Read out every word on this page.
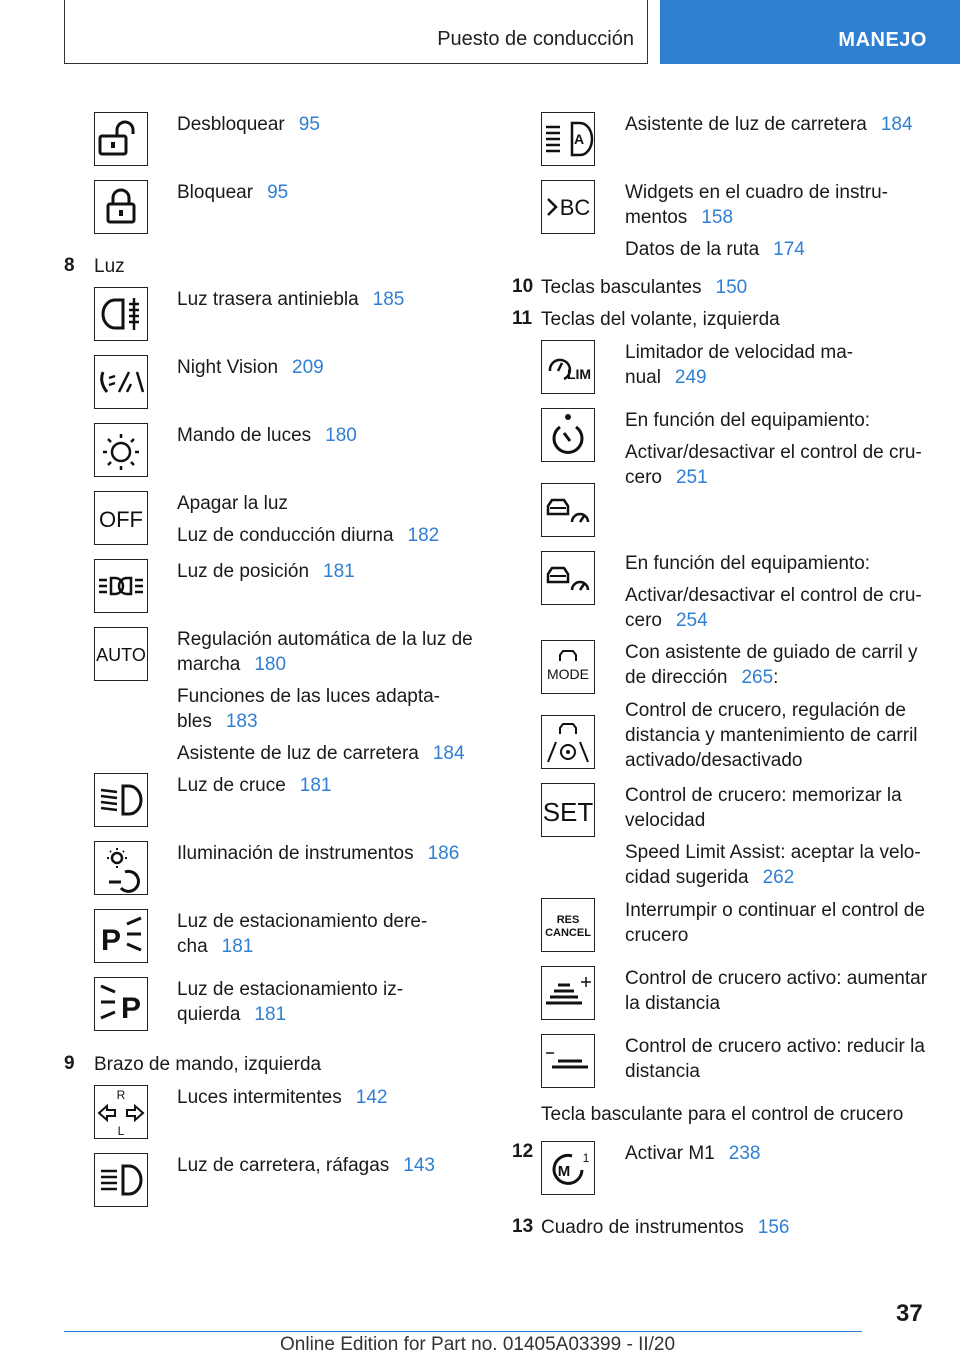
Puesto de conducción	MANEJO
Desbloquear 95
Bloquear 95
8 Luz
Luz trasera antiniebla 185
Night Vision 209
Mando de luces 180
OFF
Apagar la luz
Luz de conducción diurna 182
Luz de posición 181
AUTO
Regulación automática de la luz de
marcha 180
Funciones de las luces adapta-
bles 183
Asistente de luz de carretera 184
Luz de cruce 181
Iluminación de instrumentos 186
P
Luz de estacionamiento dere-
cha 181
P
Luz de estacionamiento iz-
quierda 181
9 Brazo de mando, izquierda
R
L
Luces intermitentes 142
Luz de carretera, ráfagas 143
A
Asistente de luz de carretera 184
BC
Widgets en el cuadro de instru-
mentos 158
Datos de la ruta 174
10 Teclas basculantes 150
11 Teclas del volante, izquierda
LIM
Limitador de velocidad ma-
nual 249
En función del equipamiento:
Activar/desactivar el control de cru-
cero 251
En función del equipamiento:
Activar/desactivar el control de cru-
cero 254
MODE
Con asistente de guiado de carril y
de dirección 265:
Control de crucero, regulación de
distancia y mantenimiento de carril
activado/desactivado
SET
Control de crucero: memorizar la
velocidad
Speed Limit Assist: aceptar la velo-
cidad sugerida 262
RES
CANCEL
Interrumpir o continuar el control de
crucero
Control de crucero activo: aumentar
la distancia
Control de crucero activo: reducir la
distancia
Tecla basculante para el control de crucero
12
M
1 Activar M1 238
13 Cuadro de instrumentos 156
37
Online Edition for Part no. 01405A03399 - II/20
